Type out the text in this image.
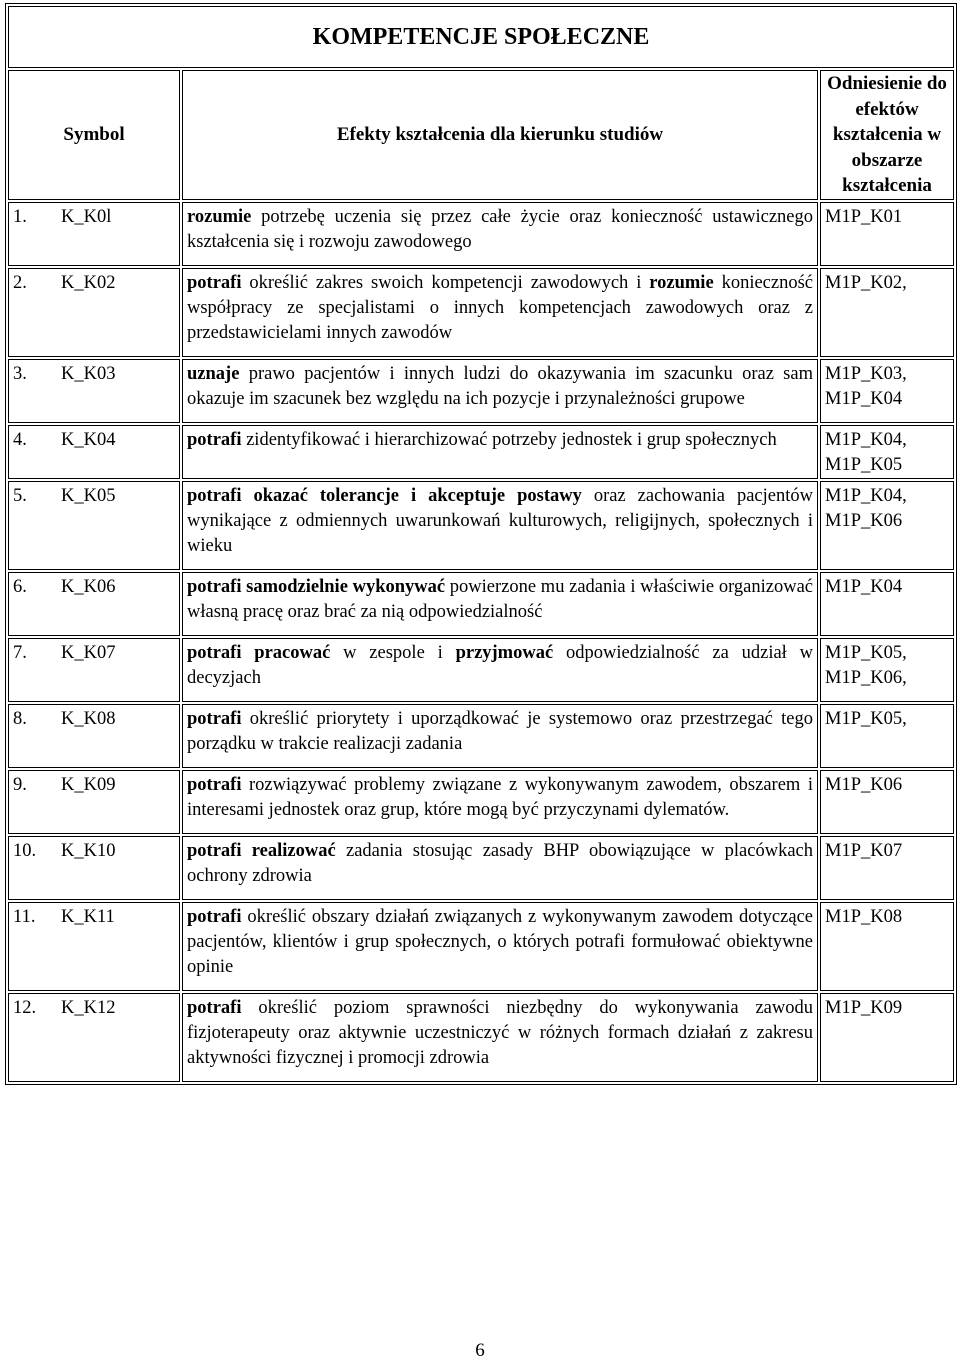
KOMPETENCJE SPOŁECZNE		
Symbol	Efekty kształcenia dla kierunku studiów	Odniesienie do efektów kształcenia w obszarze kształcenia
1. K_K0l	rozumie potrzebę uczenia się przez całe życie oraz konieczność ustawicznego kształcenia się i rozwoju zawodowego	M1P_K01
2. K_K02	potrafi określić zakres swoich kompetencji zawodowych i rozumie konieczność współpracy ze specjalistami o innych kompetencjach zawodowych oraz z przedstawicielami innych zawodów	M1P_K02,
3. K_K03	uznaje prawo pacjentów i innych ludzi do okazywania im szacunku oraz sam okazuje im szacunek bez względu na ich pozycje i przynależności grupowe	M1P_K03,
M1P_K04
4. K_K04	potrafi zidentyfikować i hierarchizować potrzeby jednostek i grup społecznych	M1P_K04,
M1P_K05
5. K_K05	potrafi okazać tolerancje i akceptuje postawy oraz zachowania pacjentów wynikające z odmiennych uwarunkowań kulturowych, religijnych, społecznych i wieku	M1P_K04,
M1P_K06
6. K_K06	potrafi samodzielnie wykonywać powierzone mu zadania i właściwie organizować własną pracę oraz brać za nią odpowiedzialność	M1P_K04
7. K_K07	potrafi pracować w zespole i przyjmować odpowiedzialność za udział w decyzjach	M1P_K05,
M1P_K06,
8. K_K08	potrafi określić priorytety i uporządkować je systemowo oraz przestrzegać tego porządku w trakcie realizacji zadania	M1P_K05,
9. K_K09	potrafi rozwiązywać problemy związane z wykonywanym zawodem, obszarem i interesami jednostek oraz grup, które mogą być przyczynami dylematów.	M1P_K06
10. K_K10	potrafi realizować zadania stosując zasady BHP obowiązujące w placówkach ochrony zdrowia	M1P_K07
11. K_K11	potrafi określić obszary działań związanych z wykonywanym zawodem dotyczące pacjentów, klientów i grup społecznych, o których potrafi formułować obiektywne opinie	M1P_K08
12. K_K12	potrafi określić poziom sprawności niezbędny do wykonywania zawodu fizjoterapeuty oraz aktywnie uczestniczyć w różnych formach działań z zakresu aktywności fizycznej i promocji zdrowia	M1P_K09
6
